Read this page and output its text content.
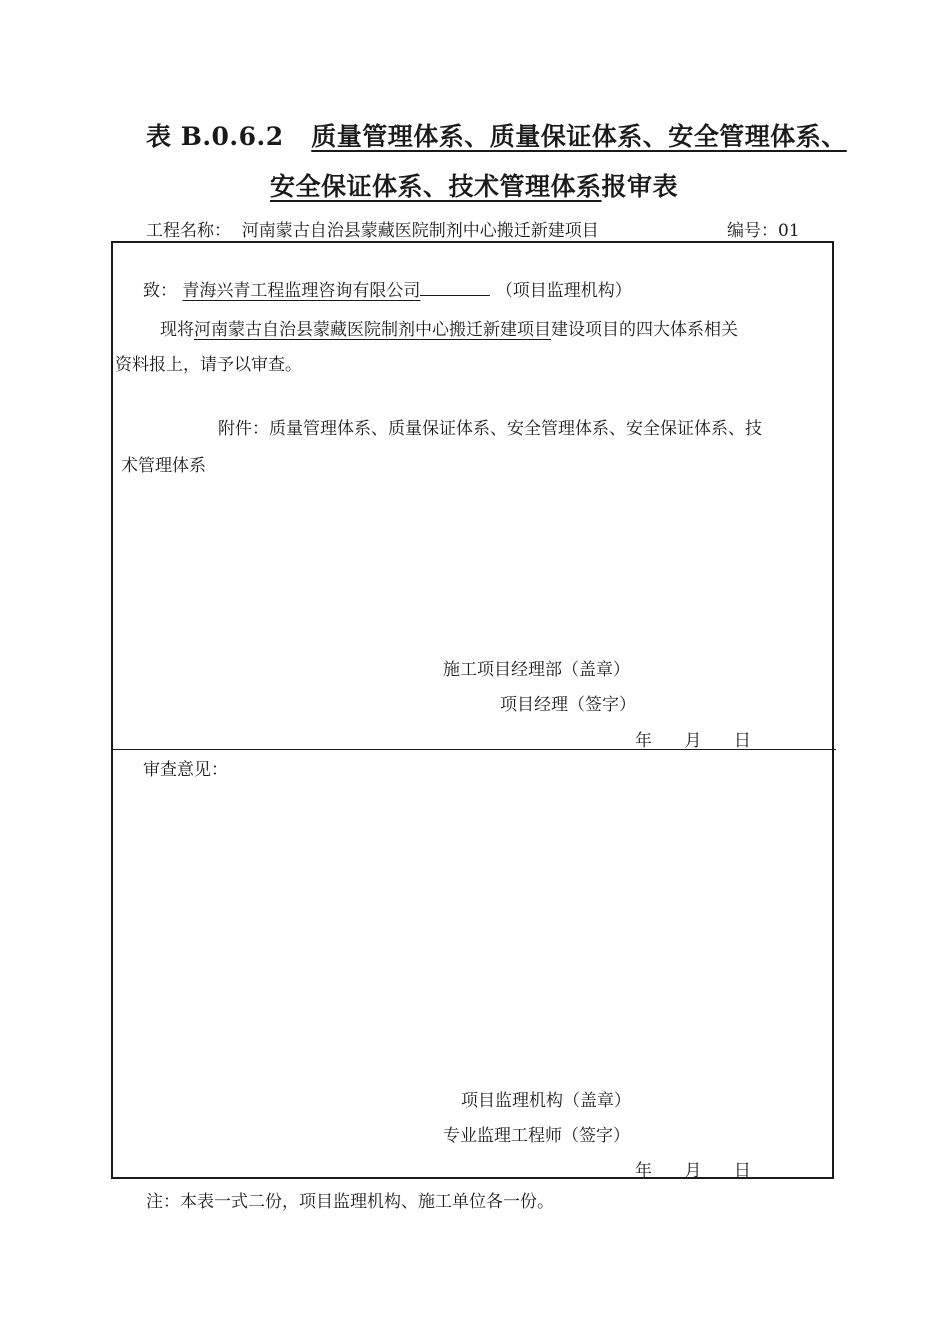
表 B.0.6.2 质量管理体系、质量保证体系、安全管理体系、
安全保证体系、技术管理体系报审表
工程名称： 河南蒙古自治县蒙藏医院制剂中心搬迁新建项目	编号：01
致： 青海兴青工程监理咨询有限公司	（项目监理机构）
现将河南蒙古自治县蒙藏医院制剂中心搬迁新建项目建设项目的四大体系相关
资料报上，请予以审查。
附件：质量管理体系、质量保证体系、安全管理体系、安全保证体系、技
术管理体系
施工项目经理部（盖章）
项目经理（签字）
年 月 日
审查意见：
项目监理机构（盖章）
专业监理工程师（签字）
年 月 日
注：本表一式二份，项目监理机构、施工单位各一份。
